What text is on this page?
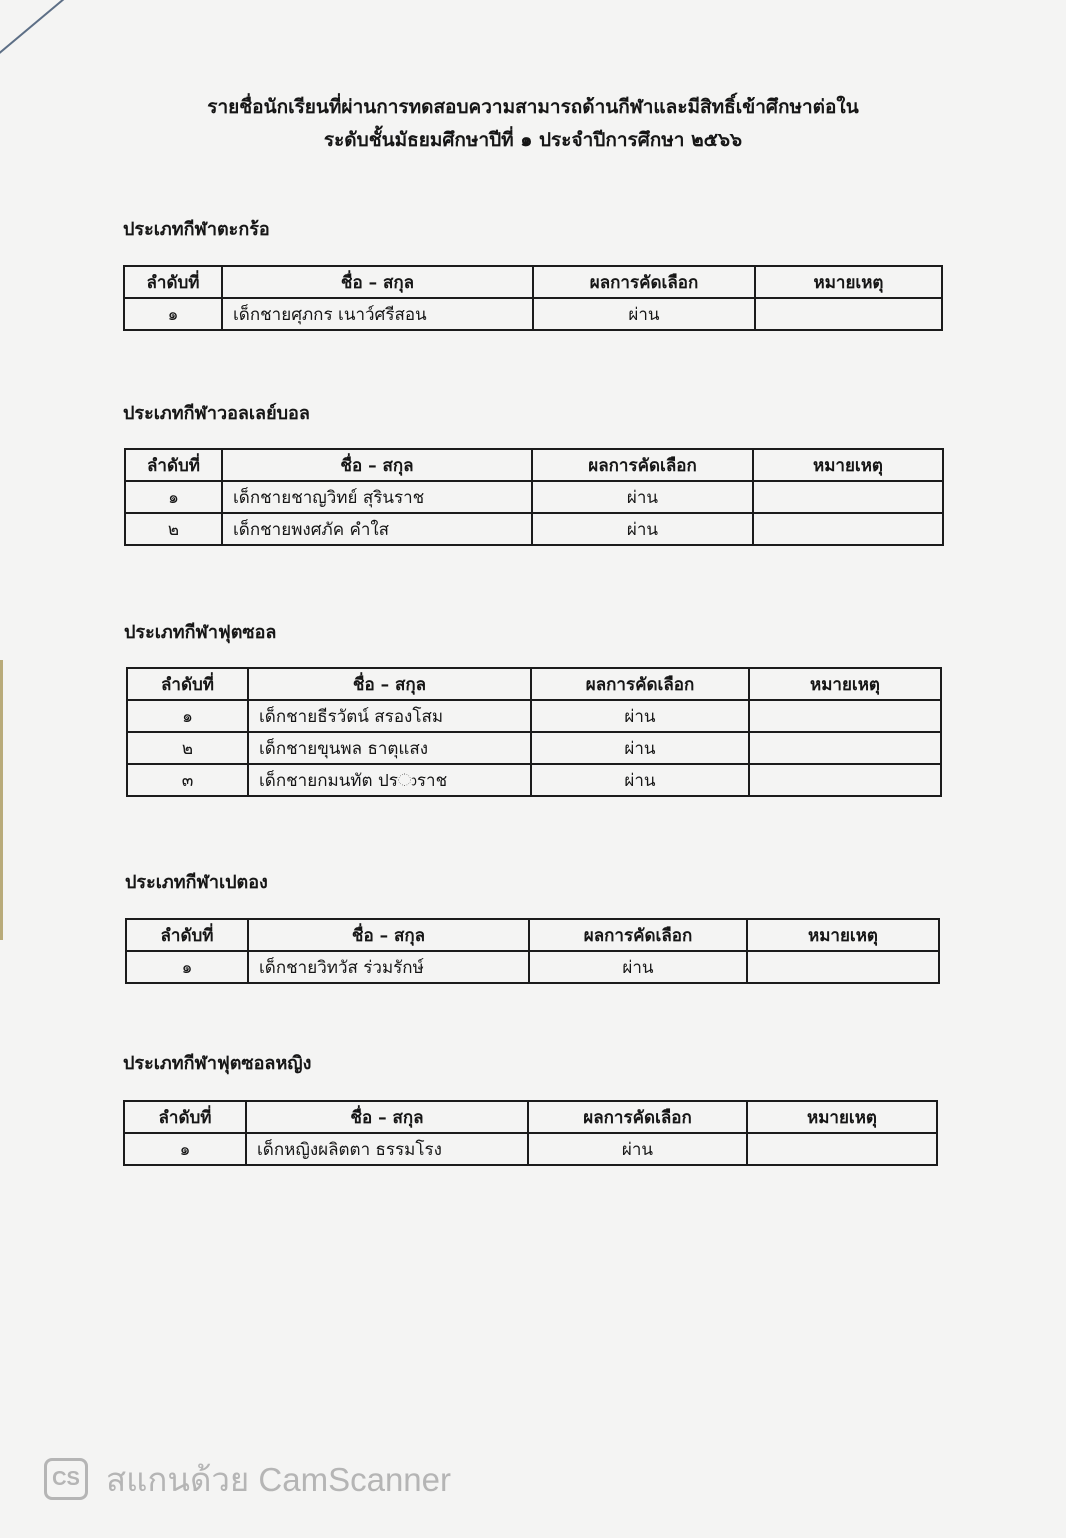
รายชื่อนักเรียนที่ผ่านการทดสอบความสามารถด้านกีฬาและมีสิทธิ์เข้าศึกษาต่อใน
ระดับชั้นมัธยมศึกษาปีที่ ๑ ประจำปีการศึกษา ๒๕๖๖
ประเภทกีฬาตะกร้อ
ลำดับที่	ชื่อ – สกุล	ผลการคัดเลือก	หมายเหตุ
๑	เด็กชายศุภกร เนาว์ศรีสอน	ผ่าน	
ประเภทกีฬาวอลเลย์บอล
ลำดับที่	ชื่อ – สกุล	ผลการคัดเลือก	หมายเหตุ
๑	เด็กชายชาญวิทย์ สุรินราช	ผ่าน	
๒	เด็กชายพงศภัค คำใส	ผ่าน	
ประเภทกีฬาฟุตซอล
ลำดับที่	ชื่อ – สกุล	ผลการคัดเลือก	หมายเหตุ
๑	เด็กชายธีรวัตน์ สรองโสม	ผ่าน	
๒	เด็กชายขุนพล ธาตุแสง	ผ่าน	
๓	เด็กชายกมนทัต ปรාราช	ผ่าน	
ประเภทกีฬาเปตอง
ลำดับที่	ชื่อ – สกุล	ผลการคัดเลือก	หมายเหตุ
๑	เด็กชายวิทวัส ร่วมรักษ์	ผ่าน	
ประเภทกีฬาฟุตซอลหญิง
ลำดับที่	ชื่อ – สกุล	ผลการคัดเลือก	หมายเหตุ
๑	เด็กหญิงผลิตตา ธรรมโรง	ผ่าน	
CS สแกนด้วย CamScanner
